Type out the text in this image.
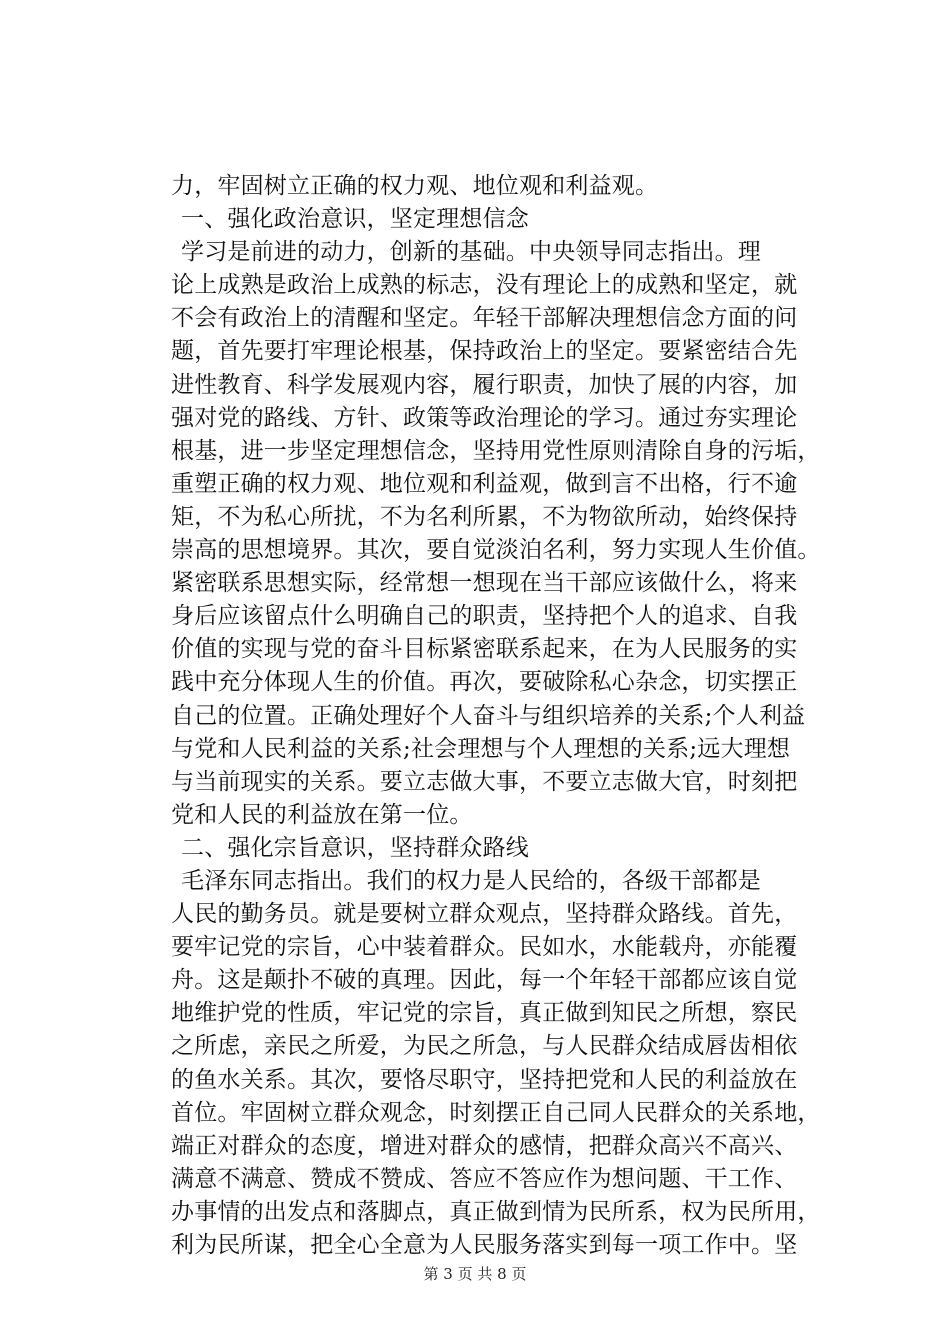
力，牢固树立正确的权力观、地位观和利益观。
一、强化政治意识，坚定理想信念
学习是前进的动力，创新的基础。中央领导同志指出。理
论上成熟是政治上成熟的标志，没有理论上的成熟和坚定，就
不会有政治上的清醒和坚定。年轻干部解决理想信念方面的问
题，首先要打牢理论根基，保持政治上的坚定。要紧密结合先
进性教育、科学发展观内容，履行职责，加快了展的内容，加
强对党的路线、方针、政策等政治理论的学习。通过夯实理论
根基，进一步坚定理想信念，坚持用党性原则清除自身的污垢，
重塑正确的权力观、地位观和利益观，做到言不出格，行不逾
矩，不为私心所扰，不为名利所累，不为物欲所动，始终保持
崇高的思想境界。其次，要自觉淡泊名利，努力实现人生价值。
紧密联系思想实际，经常想一想现在当干部应该做什么，将来
身后应该留点什么明确自己的职责，坚持把个人的追求、自我
价值的实现与党的奋斗目标紧密联系起来，在为人民服务的实
践中充分体现人生的价值。再次，要破除私心杂念，切实摆正
自己的位置。正确处理好个人奋斗与组织培养的关系;个人利益
与党和人民利益的关系;社会理想与个人理想的关系;远大理想
与当前现实的关系。要立志做大事，不要立志做大官，时刻把
党和人民的利益放在第一位。
二、强化宗旨意识，坚持群众路线
毛泽东同志指出。我们的权力是人民给的，各级干部都是
人民的勤务员。就是要树立群众观点，坚持群众路线。首先，
要牢记党的宗旨，心中装着群众。民如水，水能载舟，亦能覆
舟。这是颠扑不破的真理。因此，每一个年轻干部都应该自觉
地维护党的性质，牢记党的宗旨，真正做到知民之所想，察民
之所虑，亲民之所爱，为民之所急，与人民群众结成唇齿相依
的鱼水关系。其次，要恪尽职守，坚持把党和人民的利益放在
首位。牢固树立群众观念，时刻摆正自己同人民群众的关系地，
端正对群众的态度，增进对群众的感情，把群众高兴不高兴、
满意不满意、赞成不赞成、答应不答应作为想问题、干工作、
办事情的出发点和落脚点，真正做到情为民所系，权为民所用，
利为民所谋，把全心全意为人民服务落实到每一项工作中。坚
第 3 页 共 8 页
